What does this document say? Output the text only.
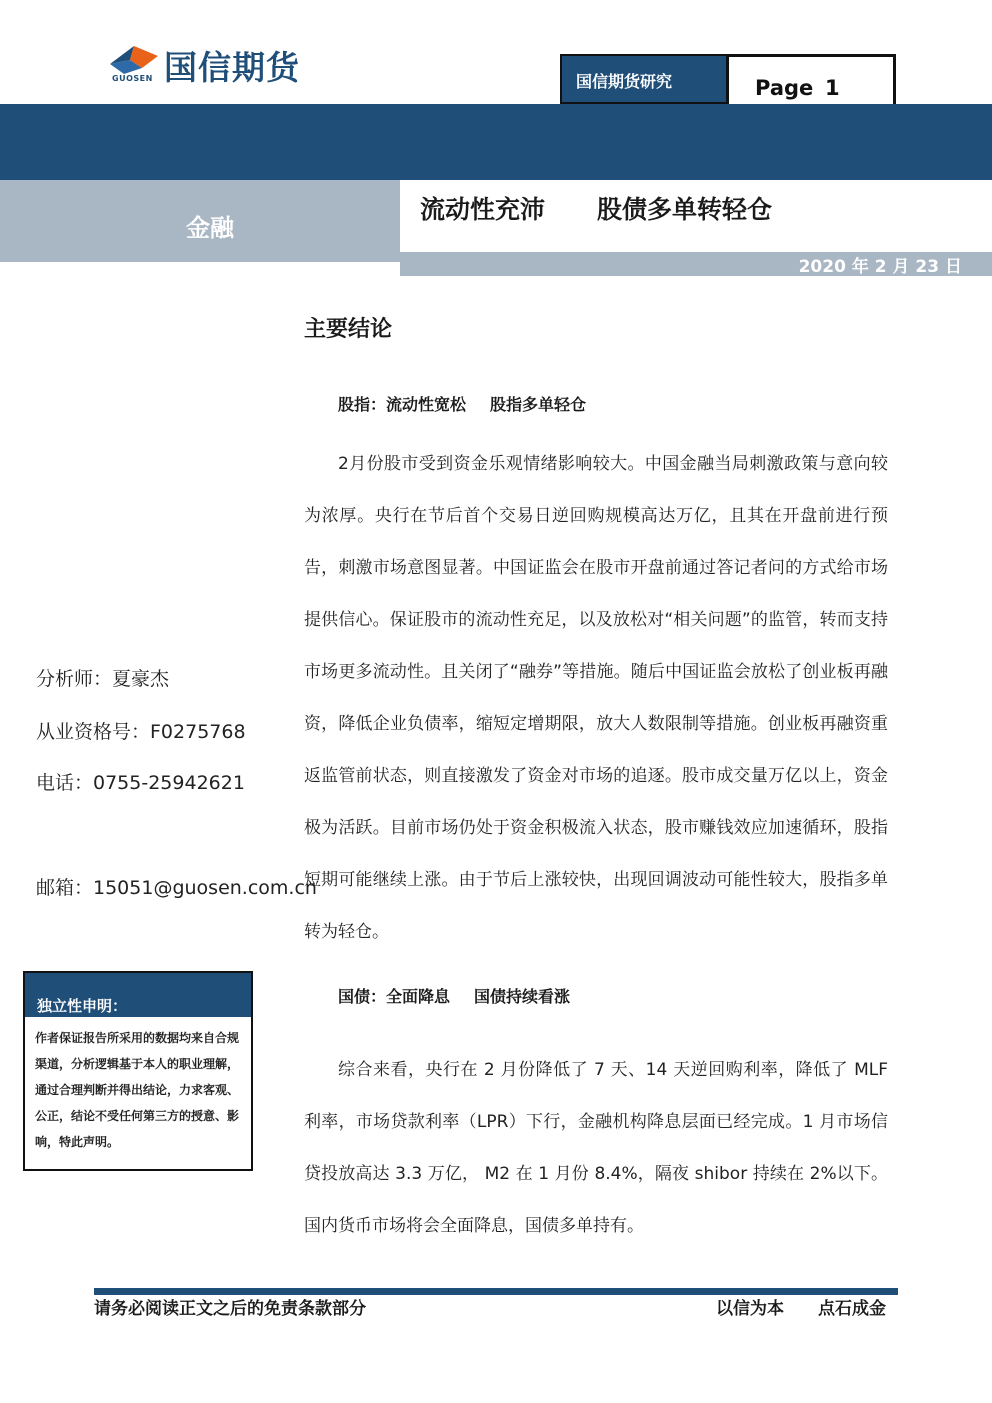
GUOSEN 国信期货	国信期货研究	Page 1
金融
流动性充沛 股债多单转轻仓
2020 年 2 月 23 日
主要结论
股指：流动性宽松 股指多单轻仓
2月份股市受到资金乐观情绪影响较大。中国金融当局刺激政策与意向较为浓厚。央行在节后首个交易日逆回购规模高达万亿，且其在开盘前进行预告，刺激市场意图显著。中国证监会在股市开盘前通过答记者问的方式给市场提供信心。保证股市的流动性充足，以及放松对“相关问题”的监管，转而支持市场更多流动性。且关闭了“融券”等措施。随后中国证监会放松了创业板再融资，降低企业负债率，缩短定增期限，放大人数限制等措施。创业板再融资重返监管前状态，则直接激发了资金对市场的追逐。股市成交量万亿以上，资金极为活跃。目前市场仍处于资金积极流入状态，股市赚钱效应加速循环，股指短期可能继续上涨。由于节后上涨较快，出现回调波动可能性较大，股指多单转为轻仓。
国债：全面降息 国债持续看涨
综合来看，央行在 2 月份降低了 7 天、14 天逆回购利率，降低了 MLF 利率，市场贷款利率（LPR）下行，金融机构降息层面已经完成。1 月市场信贷投放高达 3.3 万亿， M2 在 1 月份 8.4%，隔夜 shibor 持续在 2%以下。国内货币市场将会全面降息，国债多单持有。
分析师：夏豪杰
从业资格号：F0275768
电话：0755-25942621
邮箱：15051@guosen.com.cn
独立性申明：
作者保证报告所采用的数据均来自合规渠道，分析逻辑基于本人的职业理解，通过合理判断并得出结论，力求客观、公正，结论不受任何第三方的授意、影响，特此声明。
请务必阅读正文之后的免责条款部分	以信为本 点石成金
